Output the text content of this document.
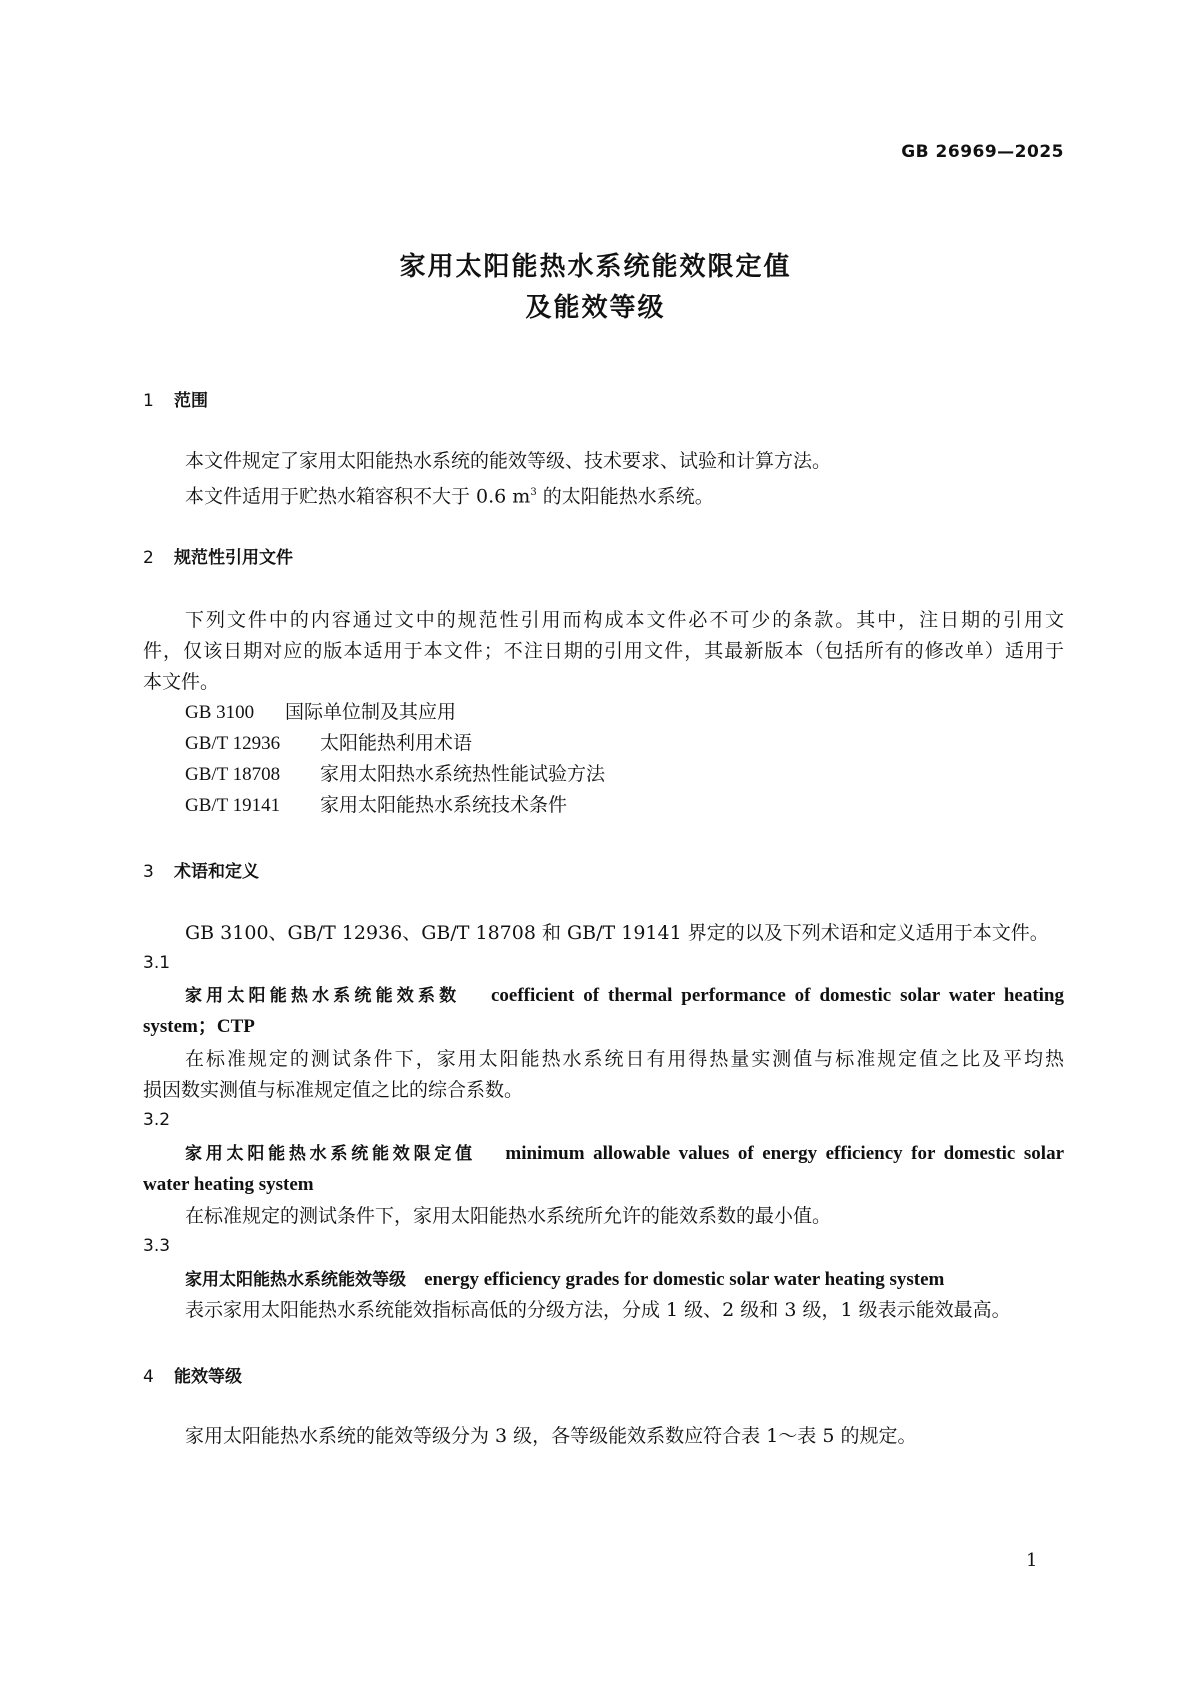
GB 26969—2025
家用太阳能热水系统能效限定值
及能效等级
1 范围
本文件规定了家用太阳能热水系统的能效等级、技术要求、试验和计算方法。
本文件适用于贮热水箱容积不大于 0.6 $m^3$ 的太阳能热水系统。
2 规范性引用文件
下列文件中的内容通过文中的规范性引用而构成本文件必不可少的条款。其中，注日期的引用文
件，仅该日期对应的版本适用于本文件；不注日期的引用文件，其最新版本（包括所有的修改单）适用于
本文件。
GB 3100 国际单位制及其应用
GB/T 12936 太阳能热利用术语
GB/T 18708 家用太阳热水系统热性能试验方法
GB/T 19141 家用太阳能热水系统技术条件
3 术语和定义
GB 3100、GB/T 12936、GB/T 18708 和 GB/T 19141 界定的以及下列术语和定义适用于本文件。
3.1
家用太阳能热水系统能效系数 coefficient of thermal performance of domestic solar water heating
system；CTP
在标准规定的测试条件下，家用太阳能热水系统日有用得热量实测值与标准规定值之比及平均热
损因数实测值与标准规定值之比的综合系数。
3.2
家用太阳能热水系统能效限定值 minimum allowable values of energy efficiency for domestic solar
water heating system
在标准规定的测试条件下，家用太阳能热水系统所允许的能效系数的最小值。
3.3
家用太阳能热水系统能效等级 energy efficiency grades for domestic solar water heating system
表示家用太阳能热水系统能效指标高低的分级方法，分成 1 级、2 级和 3 级，1 级表示能效最高。
4 能效等级
家用太阳能热水系统的能效等级分为 3 级，各等级能效系数应符合表 1～表 5 的规定。
1
